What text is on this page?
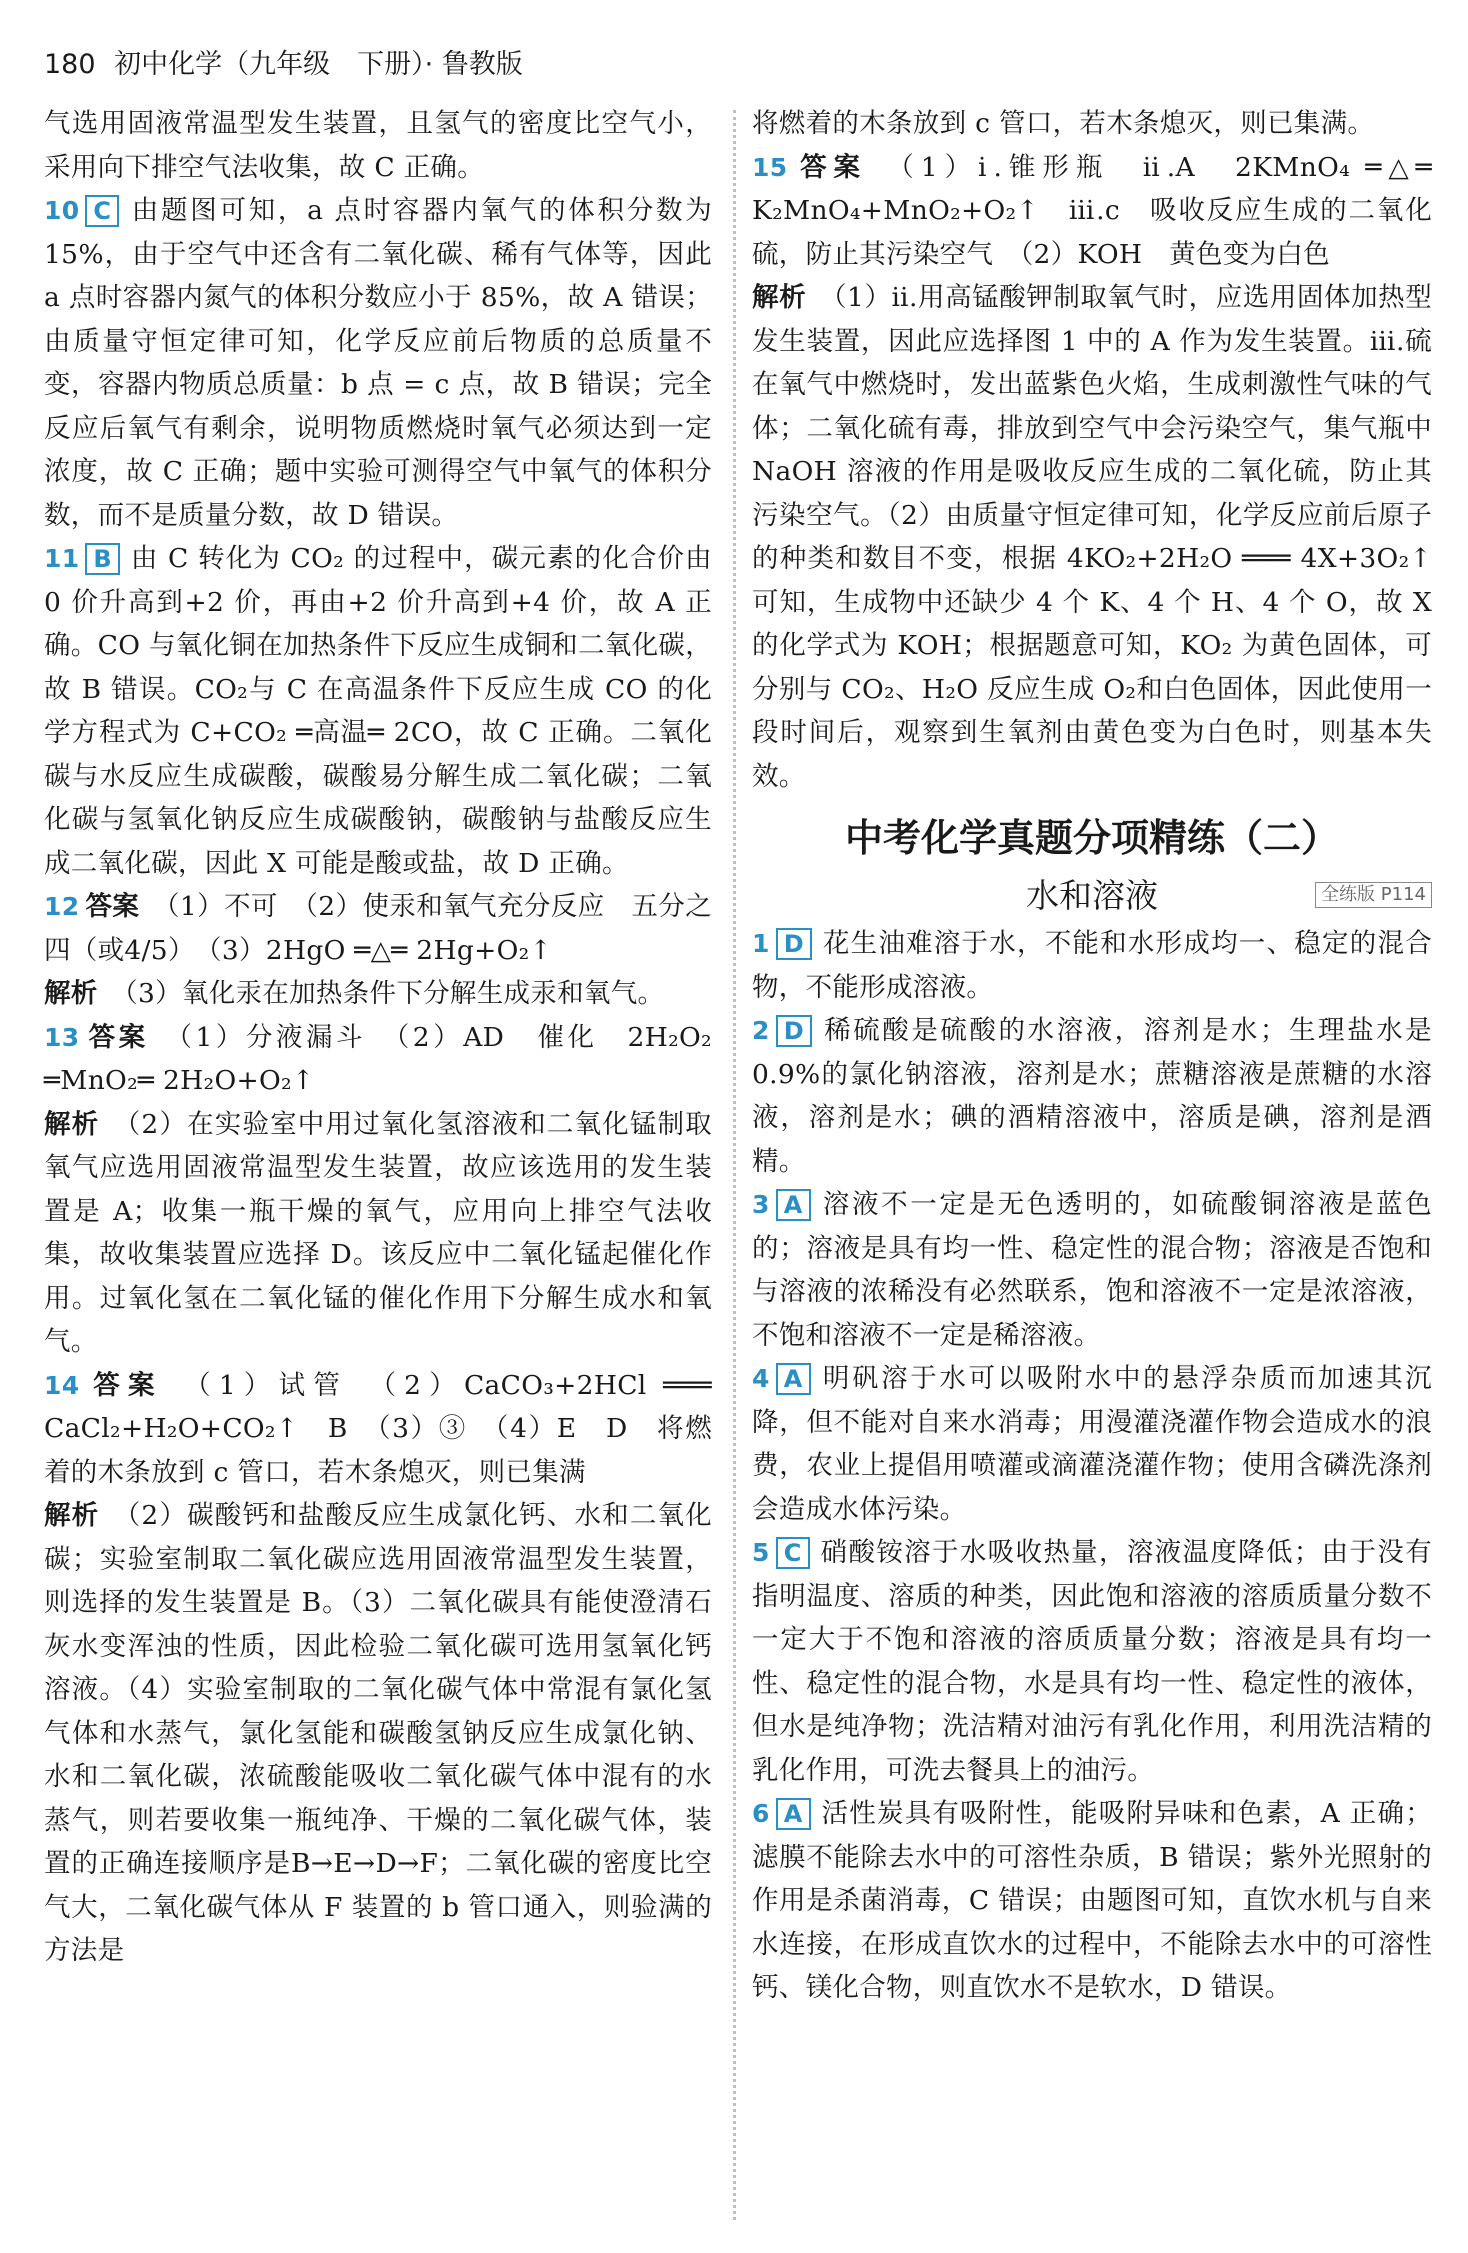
180 初中化学（九年级　下册）· 鲁教版

气选用固液常温型发生装置，且氢气的密度比空气小，采用向下排空气法收集，故 C 正确。

10 C 由题图可知，a 点时容器内氧气的体积分数为 15%，由于空气中还含有二氧化碳、稀有气体等，因此 a 点时容器内氮气的体积分数应小于 85%，故 A 错误；由质量守恒定律可知，化学反应前后物质的总质量不变，容器内物质总质量：b 点 = c 点，故 B 错误；完全反应后氧气有剩余，说明物质燃烧时氧气必须达到一定浓度，故 C 正确；题中实验可测得空气中氧气的体积分数，而不是质量分数，故 D 错误。

11 B 由 C 转化为 CO₂ 的过程中，碳元素的化合价由 0 价升高到+2 价，再由+2 价升高到+4 价，故 A 正确。CO 与氧化铜在加热条件下反应生成铜和二氧化碳，故 B 错误。CO₂与 C 在高温条件下反应生成 CO 的化学方程式为 C+CO₂ ═高温═ 2CO，故 C 正确。二氧化碳与水反应生成碳酸，碳酸易分解生成二氧化碳；二氧化碳与氢氧化钠反应生成碳酸钠，碳酸钠与盐酸反应生成二氧化碳，因此 X 可能是酸或盐，故 D 正确。

12 答案　 （1）不可　（2）使汞和氧气充分反应　五分之四（或4/5）　（3）2HgO ═△═ 2Hg+O₂↑

解析　 （3）氧化汞在加热条件下分解生成汞和氧气。

13 答案　 （1）分液漏斗　（2）AD　催化　2H₂O₂ ═MnO₂═ 2H₂O+O₂↑

解析　 （2）在实验室中用过氧化氢溶液和二氧化锰制取氧气应选用固液常温型发生装置，故应该选用的发生装置是 A；收集一瓶干燥的氧气，应用向上排空气法收集，故收集装置应选择 D。该反应中二氧化锰起催化作用。过氧化氢在二氧化锰的催化作用下分解生成水和氧气。

14 答案　 （1）试管　（2）CaCO₃+2HCl ═══ CaCl₂+H₂O+CO₂↑　B　（3）③　（4）E　D　将燃着的木条放到 c 管口，若木条熄灭，则已集满

解析　 （2）碳酸钙和盐酸反应生成氯化钙、水和二氧化碳；实验室制取二氧化碳应选用固液常温型发生装置，则选择的发生装置是 B。（3）二氧化碳具有能使澄清石灰水变浑浊的性质，因此检验二氧化碳可选用氢氧化钙溶液。（4）实验室制取的二氧化碳气体中常混有氯化氢气体和水蒸气，氯化氢能和碳酸氢钠反应生成氯化钠、水和二氧化碳，浓硫酸能吸收二氧化碳气体中混有的水蒸气，则若要收集一瓶纯净、干燥的二氧化碳气体，装置的正确连接顺序是B→E→D→F；二氧化碳的密度比空气大，二氧化碳气体从 F 装置的 b 管口通入，则验满的方法是

将燃着的木条放到 c 管口，若木条熄灭，则已集满。

15 答案　 （1）ⅰ.锥形瓶　ⅱ.A　2KMnO₄ ═△═ K₂MnO₄+MnO₂+O₂↑　ⅲ.c　吸收反应生成的二氧化硫，防止其污染空气　（2）KOH　黄色变为白色

解析　 （1）ⅱ.用高锰酸钾制取氧气时，应选用固体加热型发生装置，因此应选择图 1 中的 A 作为发生装置。ⅲ.硫在氧气中燃烧时，发出蓝紫色火焰，生成刺激性气味的气体；二氧化硫有毒，排放到空气中会污染空气，集气瓶中 NaOH 溶液的作用是吸收反应生成的二氧化硫，防止其污染空气。（2）由质量守恒定律可知，化学反应前后原子的种类和数目不变，根据 4KO₂+2H₂O ═══ 4X+3O₂↑可知，生成物中还缺少 4 个 K、4 个 H、4 个 O，故 X 的化学式为 KOH；根据题意可知，KO₂ 为黄色固体，可分别与 CO₂、H₂O 反应生成 O₂和白色固体，因此使用一段时间后，观察到生氧剂由黄色变为白色时，则基本失效。

中考化学真题分项精练（二）
水和溶液	全练版 P114

1 D 花生油难溶于水，不能和水形成均一、稳定的混合物，不能形成溶液。

2 D 稀硫酸是硫酸的水溶液，溶剂是水；生理盐水是 0.9%的氯化钠溶液，溶剂是水；蔗糖溶液是蔗糖的水溶液，溶剂是水；碘的酒精溶液中，溶质是碘，溶剂是酒精。

3 A 溶液不一定是无色透明的，如硫酸铜溶液是蓝色的；溶液是具有均一性、稳定性的混合物；溶液是否饱和与溶液的浓稀没有必然联系，饱和溶液不一定是浓溶液，不饱和溶液不一定是稀溶液。

4 A 明矾溶于水可以吸附水中的悬浮杂质而加速其沉降，但不能对自来水消毒；用漫灌浇灌作物会造成水的浪费，农业上提倡用喷灌或滴灌浇灌作物；使用含磷洗涤剂会造成水体污染。

5 C 硝酸铵溶于水吸收热量，溶液温度降低；由于没有指明温度、溶质的种类，因此饱和溶液的溶质质量分数不一定大于不饱和溶液的溶质质量分数；溶液是具有均一性、稳定性的混合物，水是具有均一性、稳定性的液体，但水是纯净物；洗洁精对油污有乳化作用，利用洗洁精的乳化作用，可洗去餐具上的油污。

6 A 活性炭具有吸附性，能吸附异味和色素，A 正确；滤膜不能除去水中的可溶性杂质，B 错误；紫外光照射的作用是杀菌消毒，C 错误；由题图可知，直饮水机与自来水连接，在形成直饮水的过程中，不能除去水中的可溶性钙、镁化合物，则直饮水不是软水，D 错误。
